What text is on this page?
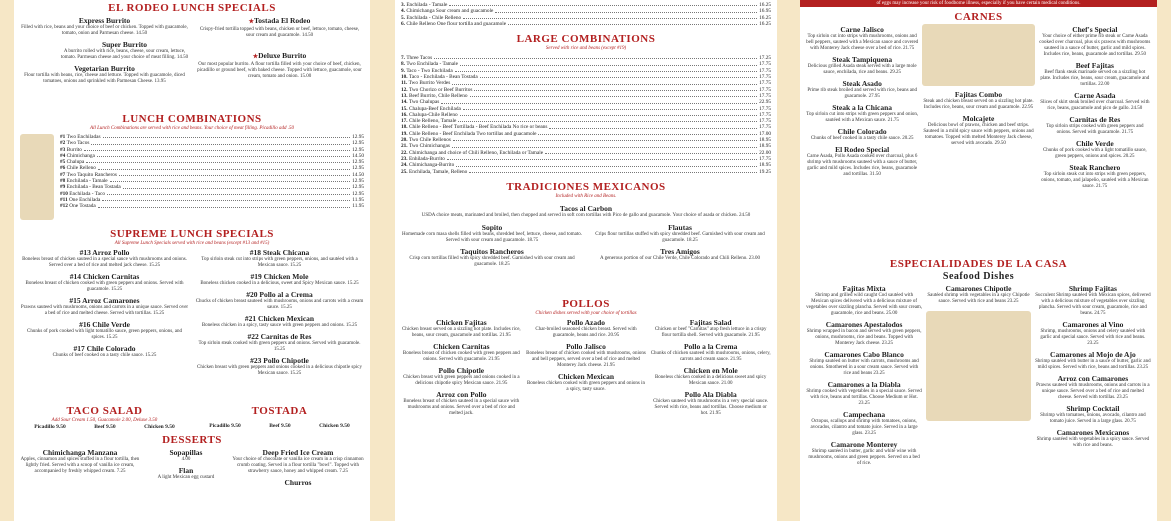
EL RODEO LUNCH SPECIALS
Express Burrito
Filled with rice, beans and your choice of beef or chicken. Topped with guacamole, tomato, onion and Parmesan cheese. 14.50
Super Burrito
A burrito rolled with rice, beans, cheese, sour cream, lettuce, tomato. Parmesan cheese and your choice of meat filling. 14.50
Vegetarian Burrito
Flour tortilla with beans, rice, cheese and lettuce. Topped with guacamole, diced tomatoes, onions and sprinkled with Parmesan Cheese. 13.95
★Tostada El Rodeo
Crispy-fried tortilla topped with beans, chicken or beef, lettuce, tomato, cheese, sour cream and guacamole. 14.50
★Deluxe Burrito
Our most popular burrito. A flour tortilla filled with your choice of beef, chicken, picadillo or ground beef, with baked cheese. Topped with lettuce, guacamole, sour cream, tomato and onion. 15.00
LUNCH COMBINATIONS
All Lunch Combinations are served with rice and beans. Your choice of meat filling. Picadillo add .50
#1
Two Enchiladas	12.95
#2
Two Tacos	12.95
#3
Burrito	12.95
#4
Chimichanga	14.50
#5
Chalupa	12.95
#6
Chile Relleno	12.95
#7
Two Taquito Rancheros	14.50
#8
Enchilada - Tamale	12.95
#9
Enchilada - Bean Tostada	12.95
#10
Enchilada - Taco	12.95
#11
One Enchilada	11.95
#12
One Tostada	11.95
SUPREME LUNCH SPECIALS
All Supreme Lunch Specials served with rice and beans (except #13 and #15)
#13 Arroz Pollo
Boneless breast of chicken sauteed in a special sauce with mushrooms and onions. Served over a bed of rice and melted jack cheese. 15.25
#14 Chicken Carnitas
Boneless breast of chicken cooked with green peppers and onions. Served with guacamole. 15.25
#15 Arroz Camarones
Prawns sauteed with mushrooms, onions and carrots in a unique sauce. Served over a bed of rice and melted cheese. Served with tortillas. 15.25
#16 Chile Verde
Chunks of pork cooked with light tomatillo sauce, green peppers, onions, and spices. 15.25
#17 Chile Colorado
Chunks of beef cooked on a tasty chile sauce. 15.25
#18 Steak Chicana
Top sirloin steak cut into strips with green peppers, onions, and sautéed with a Mexican sauce. 15.25
#19 Chicken Mole
Boneless chicken cooked in a delicious, sweet and Spicy Mexican sauce. 15.25
#20 Pollo al a Crema
Chucks of chicken breast sauteed with mushrooms, onions and carrots with a cream sauce. 15.25
#21 Chicken Mexican
Boneless chicken in a spicy, tasty sauce with green peppers and onions. 15.25
#22 Carnitas de Res
Top sirloin steak cooked with green peppers and onions. Served with guacamole. 15.25
#23 Pollo Chipotle
Chicken breast with green peppers and onions cooked in a delicious chipotle spicy Mexican sauce. 15.25
TACO SALAD
Add Sour Cream 1.50, Guacamole 2.00, Deluxe 3.50
Picadillo 9.50	Beef 9.50	Chicken 9.50
TOSTADA
Picadillo 9.50	Beef 9.50	Chicken 9.50
DESSERTS
Chimichanga Manzana
Apples, cinnamon and spices stuffed in a flour tortilla, then lightly fried. Served with a scoop of vanilla ice cream, accompanied by freshly whipped cream. 7.25
Sopapillas
4.00
Flan
A light Mexican egg custard
Deep Fried Ice Cream
Your choice of chocolate or vanilla ice cream in a crisp cinnamon crumb coating. Served in a flour tortilla "bowl". Topped with strawberry sauce, honey and whipped cream. 7.25
Churros
3.
Enchilada - Tamale	16.25
4.
Chimichanga Sour cream and guacamole	16.95
5.
Enchilada - Chile Relleno	16.25
6.
Chile Relleno One flour tortilla and guacamole	16.25
LARGE COMBINATIONS
Served with rice and beans (except #19)
7.
Three Tacos	17.25
8.
Two Enchilada - Tamale	17.75
9.
Taco - Two Enchilada	17.75
10.
Taco - Enchilada - Bean Tostada	17.75
11.
Two Burrito Verdes	17.75
12.
Two Chorizo or Beef Burritos	17.75
13.
Beef Burrito, Chile Relleno	17.75
14.
Two Chalupas	22.95
15.
Chalupa-Beef Enchilada	17.75
16.
Chalupa-Chile Relleno	17.75
17.
Chile Relleno, Tamale	17.75
18.
Chile Relleno - Beef Tortillada - Beef Enchilada No rice or beans	17.75
19.
Chile Relleno - Beef Enchilada Two tortillas and guacamole	17.00
20.
Two Chile Rellenos	18.95
21.
Two Chimichangas	18.95
22.
Chimichanga and choice of Chili Relleno, Enchilada or Tamale	22.00
23.
Enhilada-Burrito	17.75
24.
Chimichanga-Burrito	18.95
25.
Enchilada, Tamale, Relleno	19.25
TRADICIONES MEXICANOS
Included with Rice and Beans.
Tacos al Carbon
USDA choice meats, marinated and broiled, then chopped and served in soft corn tortillas with Pico de gallo and guacamole. Your choice of asada or chicken. 24.50
Sopito
Homemade corn masa shells filled with beans, shredded beef, lettuce, cheese, and tomato. Served with sour cream and guacamole. 18.75
Taquitos Rancheros
Crisp corn tortillas filled with spicy shredded beef. Garnished with sour cream and guacamole. 18.25
Flautas
Crips flour tortillas stuffed with spicy shredded beef. Garnished with sour cream and guacamole. 18.25
Tres Amigos
A generous portion of our Chile Verde, Chile Colorado and Chili Relleno. 23.00
POLLOS
Chicken dishes served with your choice of tortillas
Chicken Fajitas
Chicken breast served on a sizzling hot plate. Includes rice, beans, sour cream, guacamole and tortillas. 21.95
Chicken Carnitas
Boneless breast of chicken cooked with green peppers and onions. Served with guacamole. 21.95
Pollo Chipotle
Chicken breast with green peppers and onions cooked in a delicious chipotle spicy Mexican sauce. 21.95
Arroz con Pollo
Boneless breast of chicken sauteed in a special sauce with mushrooms and onions. Served over a bed of rice and melted jack.
Pollo Azado
Char-broiled seasoned chicken breast. Served with guacamole, beans and rice. 20.95
Pollo Jalisco
Boneless breast of chicken cooked with mushrooms, onions and bell peppers, served over a bed of rice and melted Monterey Jack cheese. 21.95
Chicken Mexican
Boneless chicken cooked with green peppers and onions in a spicy, tasty sauce.
Fajitas Salad
Chicken or beef "Carnitas" atop fresh lettuce in a crispy flour tortilla shell. Served with guacamole. 21.95
Pollo a la Crema
Chunks of chicken sauteed with mushrooms, onions, celery, carrots and cream sauce. 21.95
Chicken en Mole
Boneless chicken cooked in a delicious sweet and spicy Mexican sauce. 21.00
Pollo Ala Diabla
Chicken sauteed with mushrooms in a very special sauce. Served with rice, beans and tortillas. Choose medium or hot. 21.95
of eggs may increase your risk of foodborne illness, especially if you have certain medical conditions.
CARNES
Carne Jalisco
Top sirloin cut into strips with mushrooms, onions and bell peppers, sauteed with a Mexican sauce and covered with Monterey Jack cheese over a bed of rice. 21.75
Steak Tampiquena
Delicious grilled Asada steak served with a large mole sauce, enchilada, rice and beans. 29.25
Steak Asado
Prime rib steak broiled and served with rice, beans and guacamole. 27.95
Steak a la Chicana
Top sirloin cut into strips with green peppers and onion, sautéed with a Mexican sauce. 21.75
Chile Colorado
Chunks of beef cooked in a tasty chile sauce. 20.25
El Rodeo Special
Carne Asada, Pollo Asada cooked over charcoal, plus 6 shrimp with mushrooms sauteed with a sauce of butter, garlic and mild spices. Includes rice, beans, guacamole and tortillas. 31.50
Fajitas Combo
Steak and chicken breast served on a sizzling hot plate. Includes rice, beans, sour cream and guacamole. 22.95
Molcajete
Delicious bowl of prawns, chicken and beef strips. Sauteed in a mild spicy sauce with peppers, onions and tomatoes. Topped with melted Monterey Jack cheese, served with avocado. 29.50
Chef's Special
Your choice of either prime rib steak or Carne Asada cooked over charcoal, plus six prawns with mushrooms sauteed in a sauce of butter, garlic and mild spices. Includes rice, beans, guacamole and tortillas. 29.50
Beef Fajitas
Beef flank steak marinade served on a sizzling hot plate. Includes rice, beans, sour cream, guacamole and tortillas. 22.00
Carne Asada
Slices of skirt steak broiled over charcoal. Served with rice, beans, guacamole and pico de gallo. 24.50
Carnitas de Res
Top sirloin strips cooked with green peppers and onions. Served with guacamole. 21.75
Chile Verde
Chunks of pork cooked with a light tomatillo sauce, green peppers, onions and spices. 20.25
Steak Ranchero
Top sirloin steak cut into strips with green peppers, onions, tomato, and jalapeño, sautéed with a Mexican sauce. 21.75
ESPECIALIDADES DE LA CASA
Seafood Dishes
Fajitas Mixta
Shrimp and grilled wild caught Cod sautéed with Mexican spices delivered with a delicious mixture of vegetables over sizzling plancha. Served with sour cream, guacamole, rice and beans. 25.00
Camarones Apestalodos
Shrimp wrapped in bacon and served with green peppers, onions, mushrooms, rice and beans. Topped with Monterey Jack cheese. 23.25
Camarones Cabo Blanco
Shrimp sautéed on butter with carrots, mushrooms and onions. Smothered in a sour cream sauce. Served with rice and beans 23.25
Camarones a la Diabla
Shrimp cooked with vegetables in a special sauce. Served with rice, beans and tortillas. Choose Medium or Hot. 23.25
Campechana
Octopus, scallops and shrimp with tomatoes, onions, avocados, cilantro and tomato juice. Served in a large glass. 23.25
Camarone Monterey
Shrimp sautéed in butter, garlic and white wine with mushrooms, onions and green peppers. Served on a bed of rice.
Camarones Chipotle
Sautéed shrimp with vegetables in a spicy Chipotle sauce. Served with rice and beans 23.25
Shrimp Fajitas
Succulent Shrimp sautéed with Mexican spices, delivered with a delicious mixture of vegetables over sizzling plancha. Served with sour cream, guacamole, rice and beans. 24.75
Camarones al Vino
Shrimp, mushrooms, onions and celery sautéed with garlic and special sauce. Served with rice and beans. 23.25
Camarones al Mojo de Ajo
Shrimp sautéed with butter in a sauce of butter, garlic and mild spices. Served with rice, beans and tortillas. 23.25
Arroz con Camarones
Prawns sauteed with mushrooms, onions and carrots in a unique sauce. Served over a bed of rice and melted cheese. Served with tortillas. 23.25
Shrimp Cocktail
Shrimp with tomatoes, onions, avocado, cilantro and tomato juice. Served in a large glass. 20.75
Camarones Mexicanos
Shrimp sautéed with vegetables in a spicy sauce. Served with rice and beans.
